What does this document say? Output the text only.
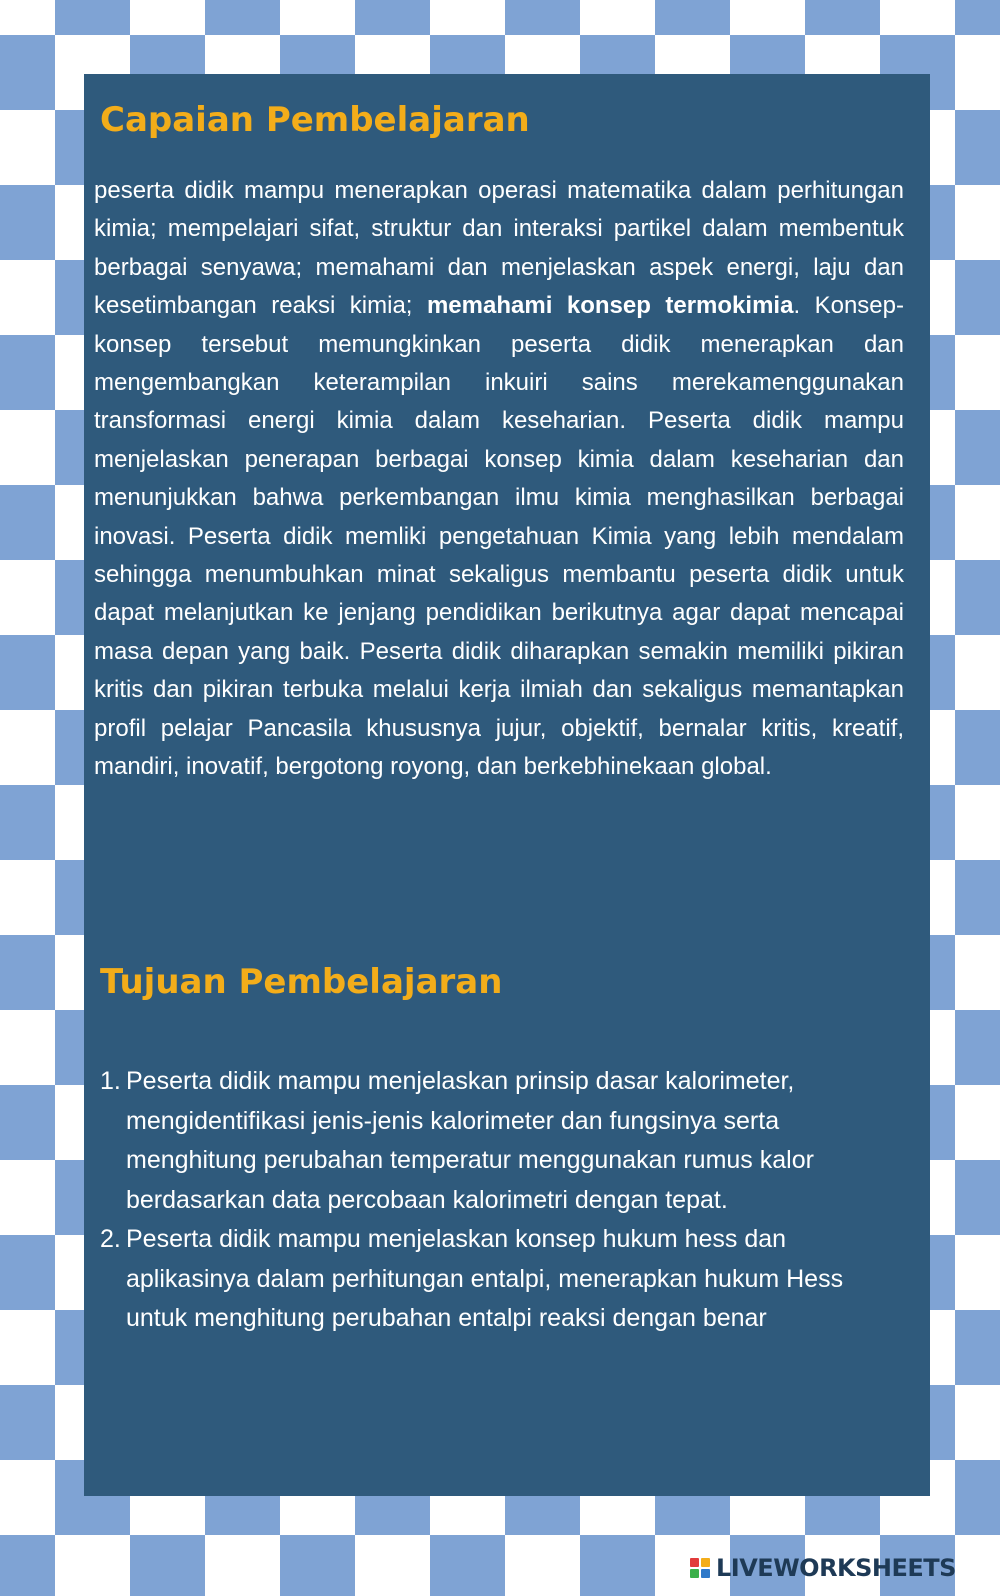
Capaian Pembelajaran

peserta didik mampu menerapkan operasi matematika dalam perhitungan kimia; mempelajari sifat, struktur dan interaksi partikel dalam membentuk berbagai senyawa; memahami dan menjelaskan aspek energi, laju dan kesetimbangan reaksi kimia; memahami konsep termokimia. Konsep-konsep tersebut memungkinkan peserta didik menerapkan dan mengembangkan keterampilan inkuiri sains merekamenggunakan transformasi energi kimia dalam keseharian. Peserta didik mampu menjelaskan penerapan berbagai konsep kimia dalam keseharian dan menunjukkan bahwa perkembangan ilmu kimia menghasilkan berbagai inovasi. Peserta didik memliki pengetahuan Kimia yang lebih mendalam sehingga menumbuhkan minat sekaligus membantu peserta didik untuk dapat melanjutkan ke jenjang pendidikan berikutnya agar dapat mencapai masa depan yang baik. Peserta didik diharapkan semakin memiliki pikiran kritis dan pikiran terbuka melalui kerja ilmiah dan sekaligus memantapkan profil pelajar Pancasila khususnya jujur, objektif, bernalar kritis, kreatif, mandiri, inovatif, bergotong royong, dan berkebhinekaan global.

Tujuan Pembelajaran
1. Peserta didik mampu menjelaskan prinsip dasar kalorimeter, mengidentifikasi jenis-jenis kalorimeter dan fungsinya serta menghitung perubahan temperatur menggunakan rumus kalor berdasarkan data percobaan kalorimetri dengan tepat.
2. Peserta didik mampu menjelaskan konsep hukum hess dan aplikasinya dalam perhitungan entalpi, menerapkan hukum Hess untuk menghitung perubahan entalpi reaksi dengan benar
LIVEWORKSHEETS
